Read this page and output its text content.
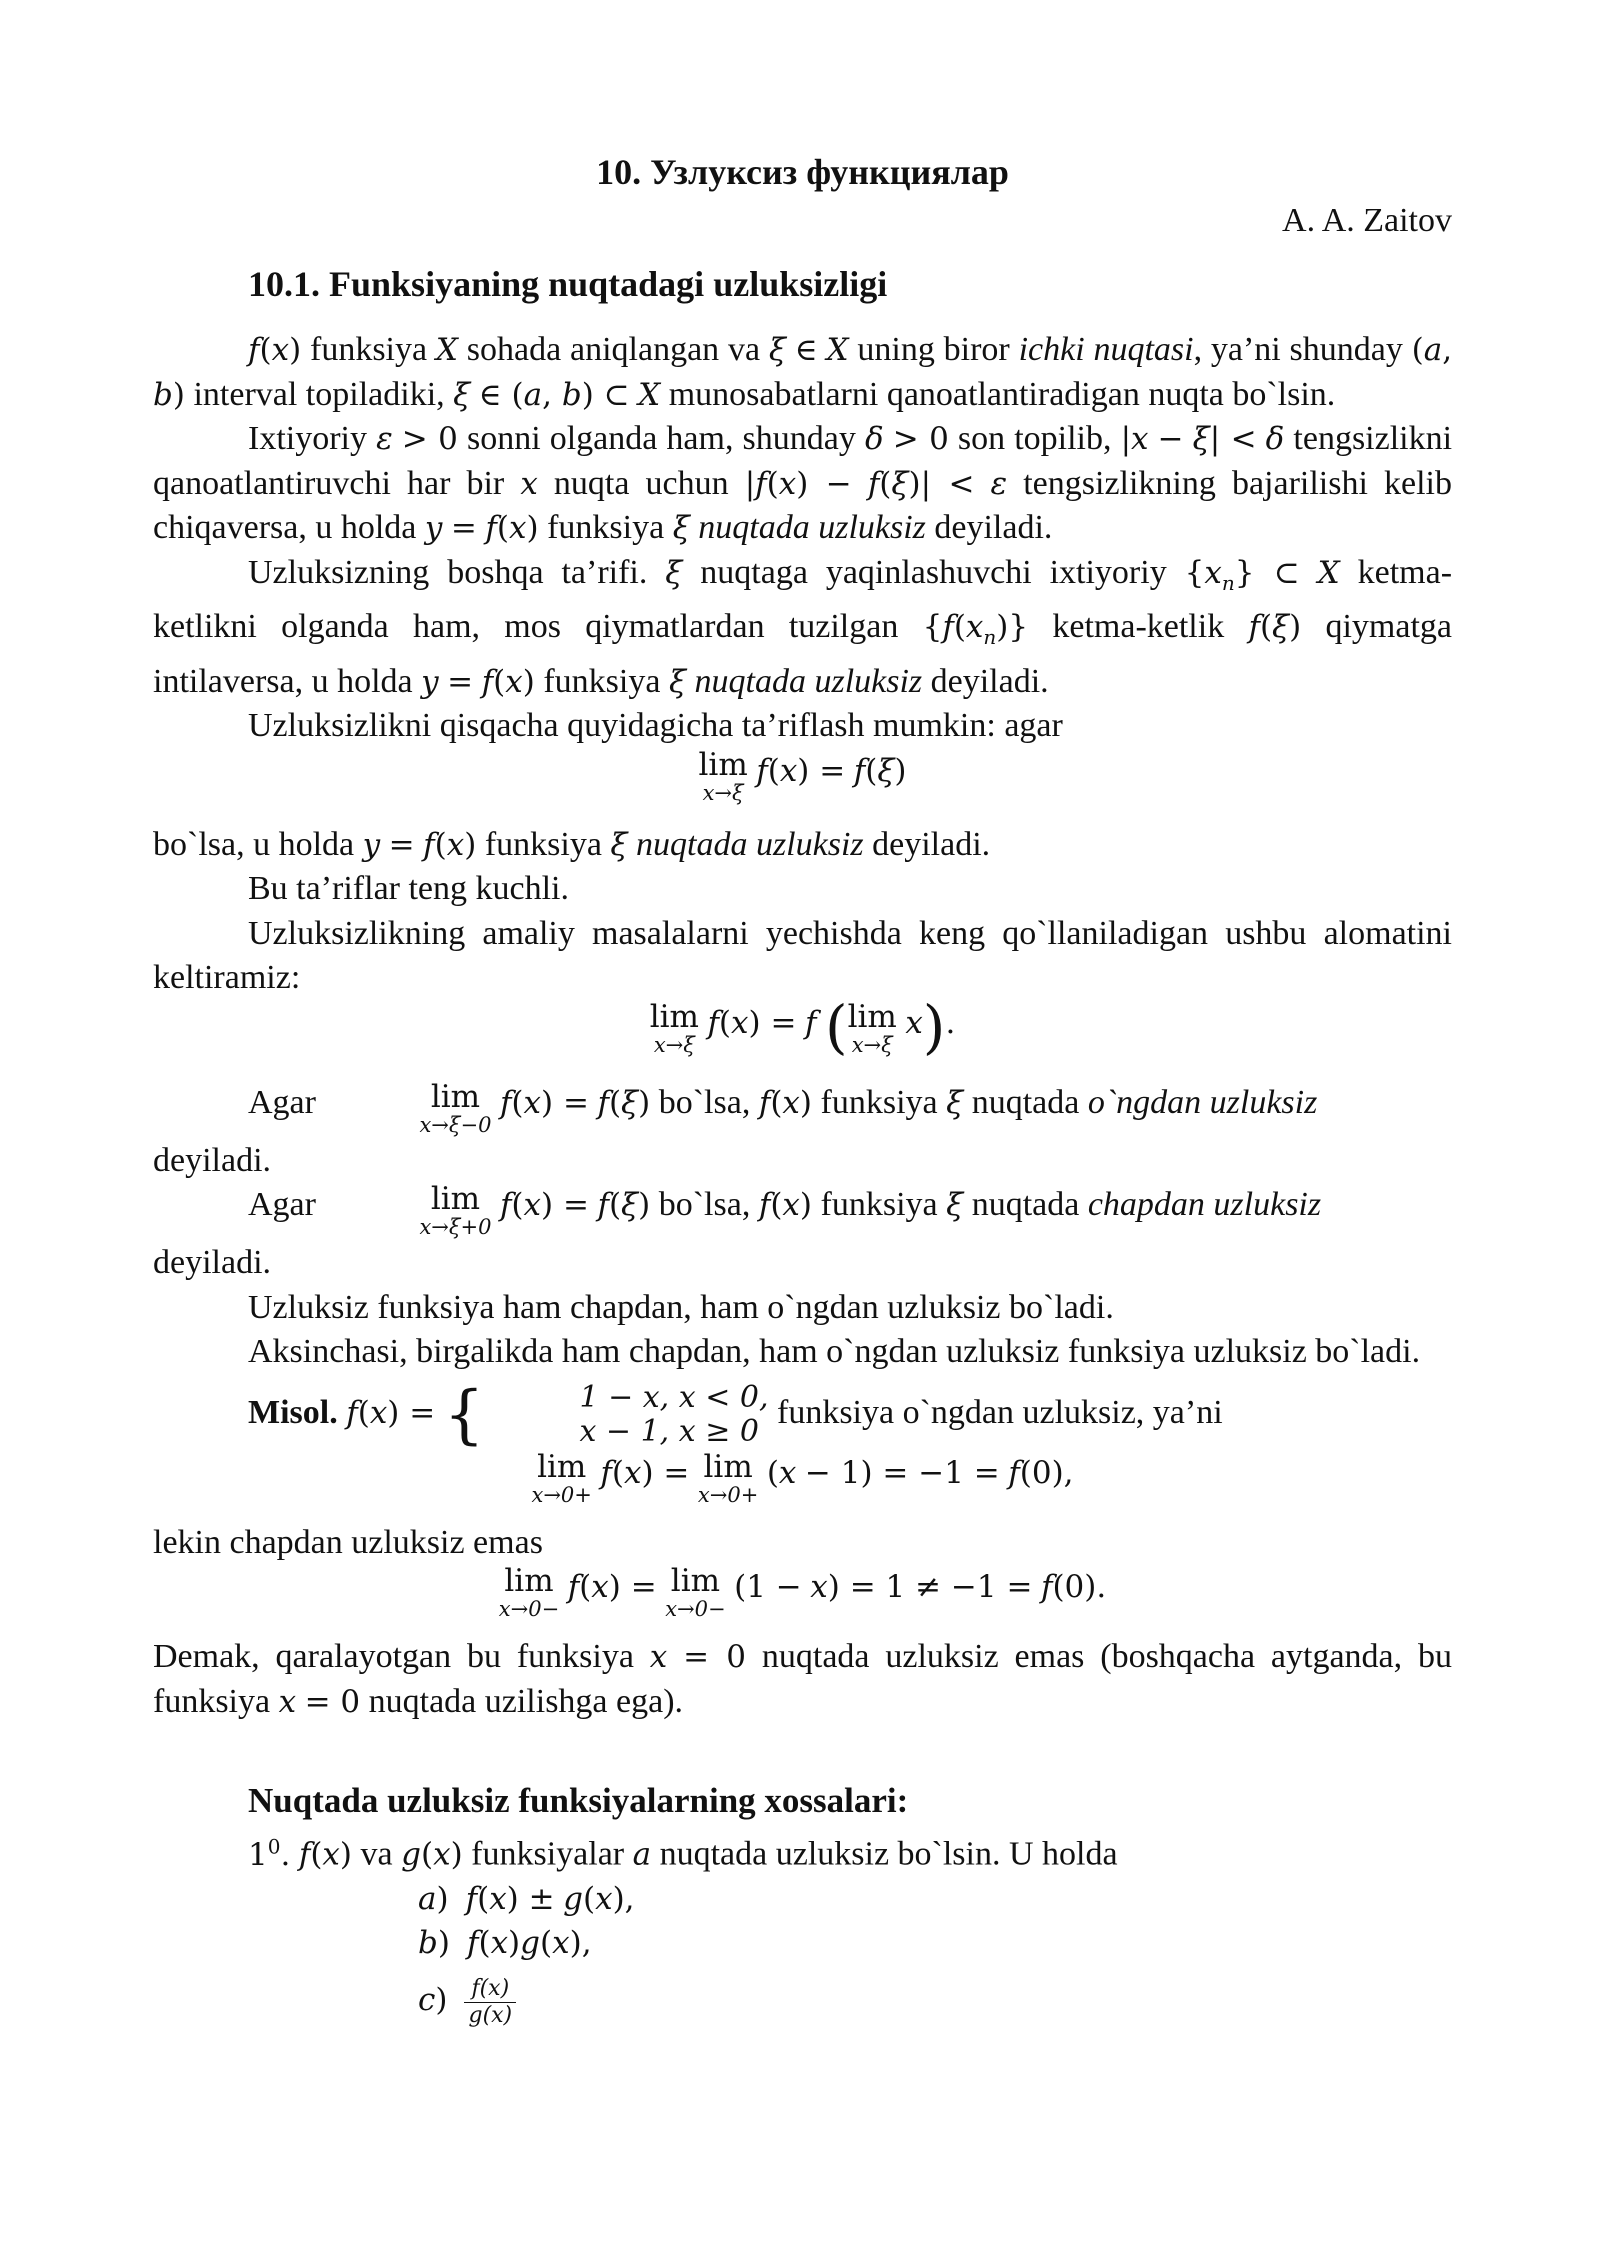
10. Узлуксиз функциялар
A. A. Zaitov
10.1. Funksiyaning nuqtadagi uzluksizligi

f(x) funksiya X sohada aniqlangan va ξ ∈ X uning biror ichki nuqtasi, ya’ni shunday (a, b) interval topiladiki, ξ ∈ (a, b) ⊂ X munosabatlarni qanoatlantiradigan nuqta bo`lsin.

Ixtiyoriy ε > 0 sonni olganda ham, shunday δ > 0 son topilib, |x − ξ| < δ tengsizlikni qanoatlantiruvchi har bir x nuqta uchun |f(x) − f(ξ)| < ε tengsizlikning bajarilishi kelib chiqaversa, u holda y = f(x) funksiya ξ nuqtada uzluksiz deyiladi.

Uzluksizning boshqa ta’rifi. ξ nuqtaga yaqinlashuvchi ixtiyoriy $\{x_n\}$ ⊂ X ketma-ketlikni olganda ham, mos qiymatlardan tuzilgan $\{f(x_n)\}$ ketma-ketlik f(ξ) qiymatga intilaversa, u holda y = f(x) funksiya ξ nuqtada uzluksiz deyiladi.

Uzluksizlikni qisqacha quyidagicha ta’riflash mumkin: agar

lim
x→ξ
f(x) = f(ξ)

bo`lsa, u holda y = f(x) funksiya ξ nuqtada uzluksiz deyiladi.

Bu ta’riflar teng kuchli.

Uzluksizlikning amaliy masalalarni yechishda keng qo`llaniladigan ushbu alomatini keltiramiz:

lim
x→ξ
f(x) = f (lim
x→ξ
x).

Agar	lim
x→ξ−0
f(x) = f(ξ) bo`lsa, f(x) funksiya ξ nuqtada o`ngdan uzluksiz

deyiladi.

Agar	lim
x→ξ+0
f(x) = f(ξ) bo`lsa, f(x) funksiya ξ nuqtada chapdan uzluksiz

deyiladi.

Uzluksiz funksiya ham chapdan, ham o`ngdan uzluksiz bo`ladi.

Aksinchasi, birgalikda ham chapdan, ham o`ngdan uzluksiz funksiya uzluksiz bo`ladi.

Misol. f(x) = {	1 − 𝑥, 𝑥 < 0,
𝑥 − 1, 𝑥 ≥ 0
funksiya o`ngdan uzluksiz, ya’ni

lim
x→0+
f(x) = lim
x→0+
(x − 1) = −1 = f(0),

lekin chapdan uzluksiz emas

lim
x→0−
f(x) = lim
x→0−
(1 − x) = 1 ≠ −1 = f(0).

Demak, qaralayotgan bu funksiya x = 0 nuqtada uzluksiz emas (boshqacha aytganda, bu funksiya x = 0 nuqtada uzilishga ega).

Nuqtada uzluksiz funksiyalarning xossalari:

$1^0$. f(x) va g(x) funksiyalar a nuqtada uzluksiz bo`lsin. U holda

a) f(x) ± g(x),
b) f(x)g(x),
$c) \frac{f(x)}{g(x)}$
